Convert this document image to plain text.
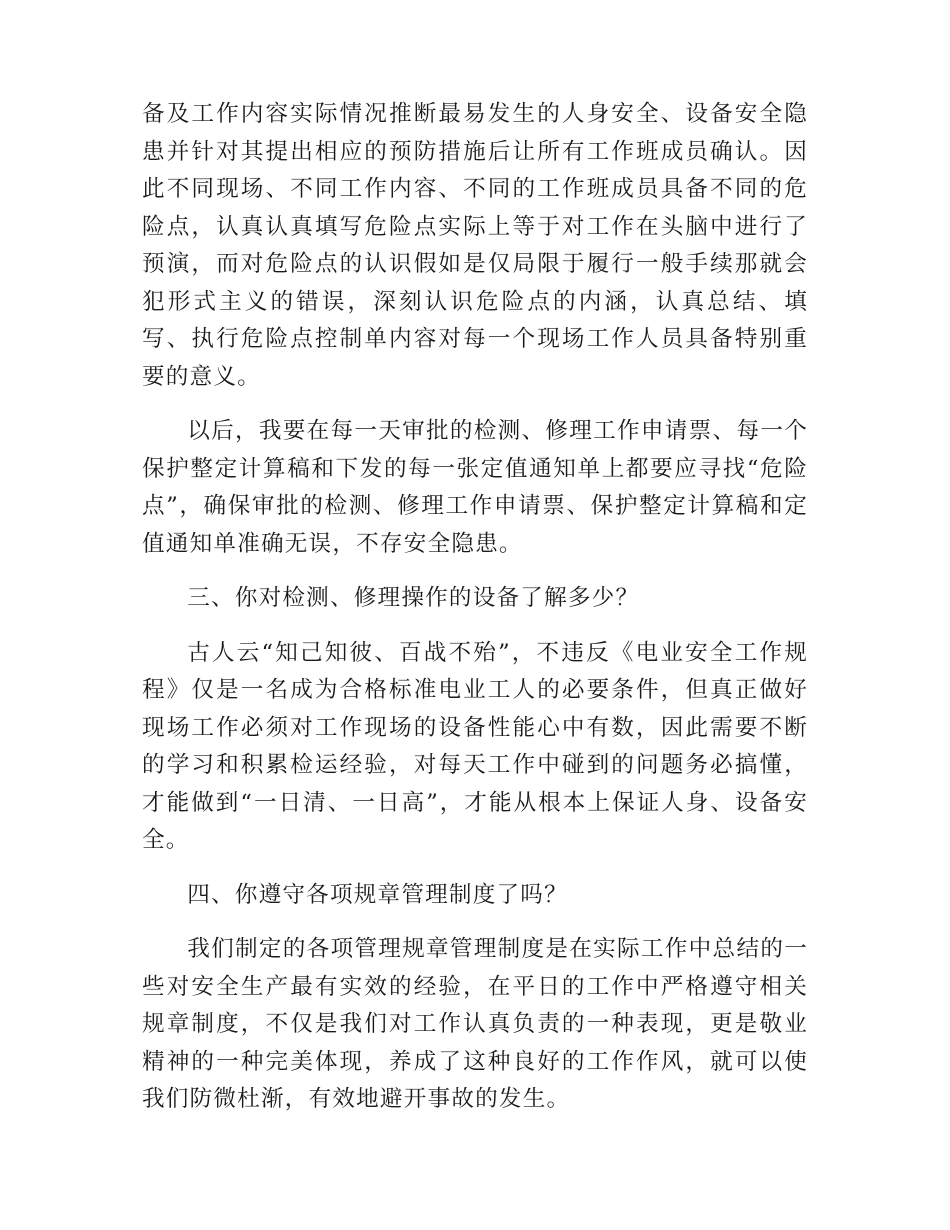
备及工作内容实际情况推断最易发生的人身安全、设备安全隐患并针对其提出相应的预防措施后让所有工作班成员确认。因此不同现场、不同工作内容、不同的工作班成员具备不同的危险点，认真认真填写危险点实际上等于对工作在头脑中进行了预演，而对危险点的认识假如是仅局限于履行一般手续那就会犯形式主义的错误，深刻认识危险点的内涵，认真总结、填写、执行危险点控制单内容对每一个现场工作人员具备特别重要的意义。

以后，我要在每一天审批的检测、修理工作申请票、每一个保护整定计算稿和下发的每一张定值通知单上都要应寻找“危险点”，确保审批的检测、修理工作申请票、保护整定计算稿和定值通知单准确无误，不存安全隐患。

三、你对检测、修理操作的设备了解多少？

古人云“知己知彼、百战不殆”，不违反《电业安全工作规程》仅是一名成为合格标准电业工人的必要条件，但真正做好现场工作必须对工作现场的设备性能心中有数，因此需要不断的学习和积累检运经验，对每天工作中碰到的问题务必搞懂，才能做到“一日清、一日高”，才能从根本上保证人身、设备安全。

四、你遵守各项规章管理制度了吗？

我们制定的各项管理规章管理制度是在实际工作中总结的一些对安全生产最有实效的经验，在平日的工作中严格遵守相关规章制度，不仅是我们对工作认真负责的一种表现，更是敬业精神的一种完美体现，养成了这种良好的工作作风，就可以使我们防微杜渐，有效地避开事故的发生。
